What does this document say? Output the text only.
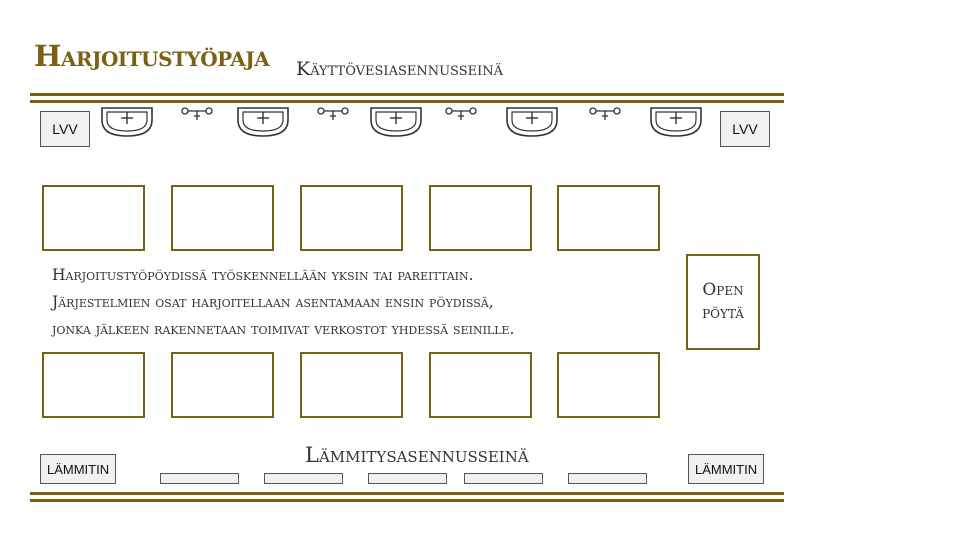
Harjoitustyöpaja Käyttövesiasennusseinä
LVV	LVV
Harjoitustyöpöydissä työskennellään yksin tai pareittain.
Järjestelmien osat harjoitellaan asentamaan ensin pöydissä,
jonka jälkeen rakennetaan toimivat verkostot yhdessä seinille.
Open
pöytä
Lämmitysasennusseinä
LÄMMITIN	LÄMMITIN
